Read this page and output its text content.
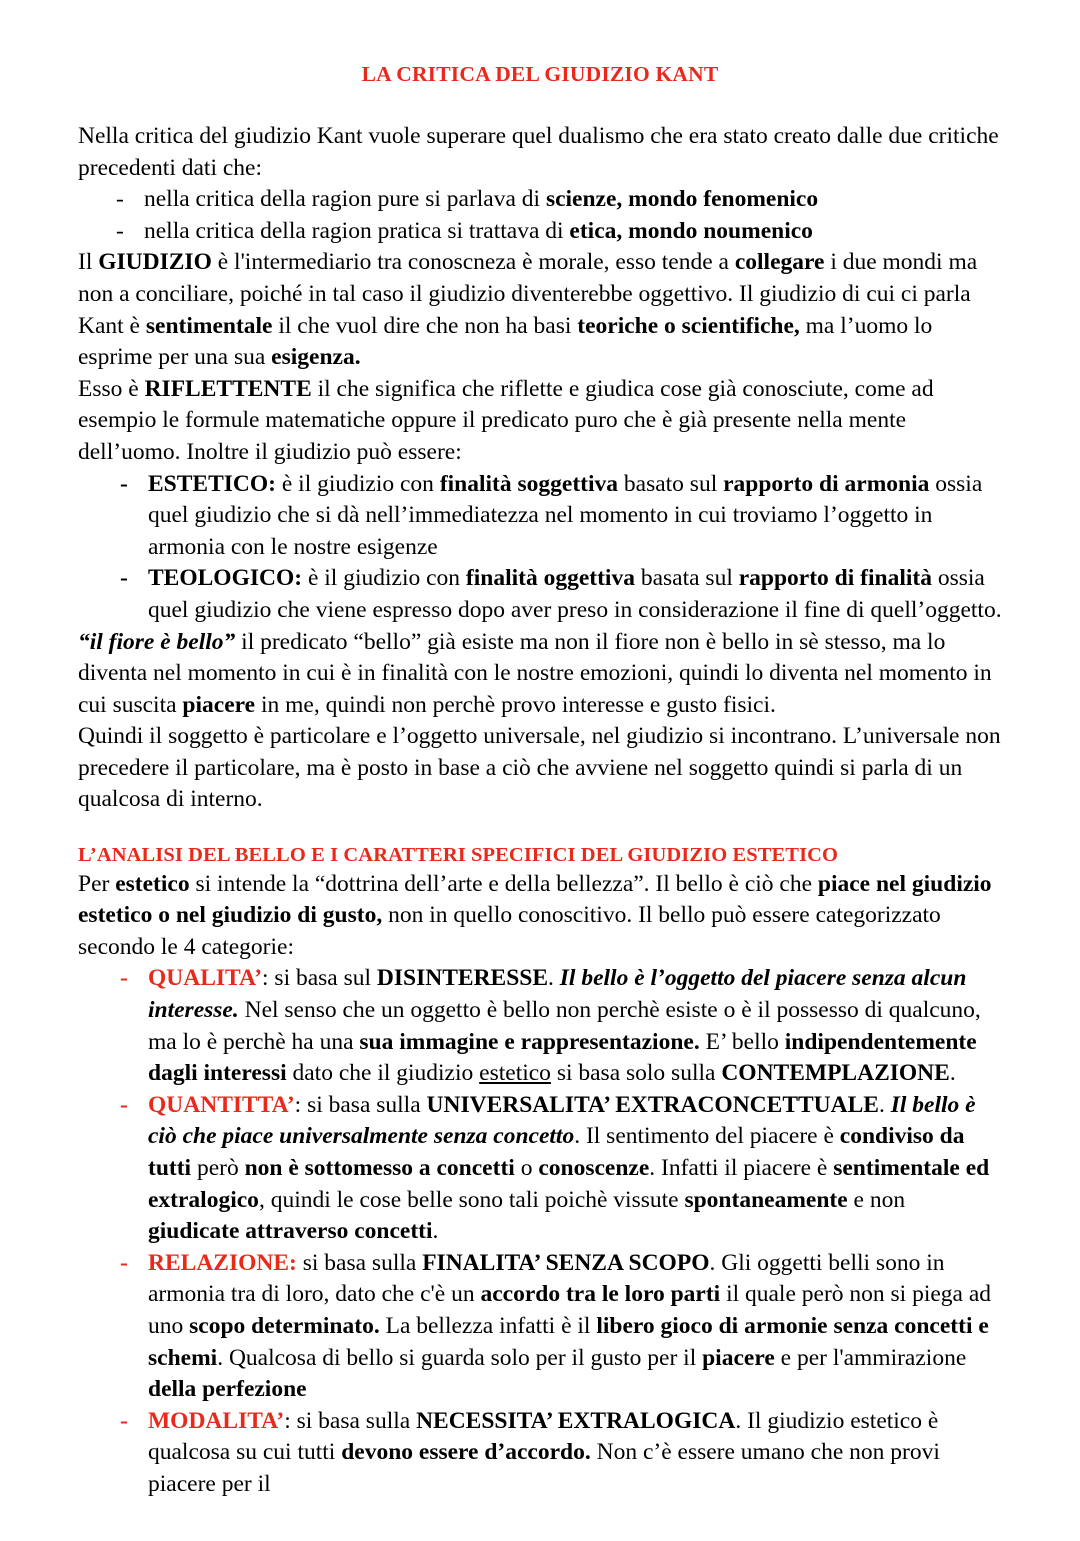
LA CRITICA DEL GIUDIZIO KANT

Nella critica del giudizio Kant vuole superare quel dualismo che era stato creato dalle due critiche precedenti dati che:

- nella critica della ragion pure si parlava di scienze, mondo fenomenico
- nella critica della ragion pratica si trattava di etica, mondo noumenico

Il GIUDIZIO è l'intermediario tra conoscneza è morale, esso tende a collegare i due mondi ma non a conciliare, poiché in tal caso il giudizio diventerebbe oggettivo. Il giudizio di cui ci parla Kant è sentimentale il che vuol dire che non ha basi teoriche o scientifiche, ma l’uomo lo esprime per una sua esigenza.

Esso è RIFLETTENTE il che significa che riflette e giudica cose già conosciute, come ad esempio le formule matematiche oppure il predicato puro che è già presente nella mente dell’uomo. Inoltre il giudizio può essere:

- ESTETICO: è il giudizio con finalità soggettiva basato sul rapporto di armonia ossia quel giudizio che si dà nell’immediatezza nel momento in cui troviamo l’oggetto in armonia con le nostre esigenze
- TEOLOGICO: è il giudizio con finalità oggettiva basata sul rapporto di finalità ossia quel giudizio che viene espresso dopo aver preso in considerazione il fine di quell’oggetto.

“il fiore è bello” il predicato “bello” già esiste ma non il fiore non è bello in sè stesso, ma lo diventa nel momento in cui è in finalità con le nostre emozioni, quindi lo diventa nel momento in cui suscita piacere in me, quindi non perchè provo interesse e gusto fisici.

Quindi il soggetto è particolare e l’oggetto universale, nel giudizio si incontrano. L’universale non precedere il particolare, ma è posto in base a ciò che avviene nel soggetto quindi si parla di un qualcosa di interno.

L’ANALISI DEL BELLO E I CARATTERI SPECIFICI DEL GIUDIZIO ESTETICO

Per estetico si intende la “dottrina dell’arte e della bellezza”. Il bello è ciò che piace nel giudizio estetico o nel giudizio di gusto, non in quello conoscitivo. Il bello può essere categorizzato secondo le 4 categorie:

- QUALITA’: si basa sul DISINTERESSE. Il bello è l’oggetto del piacere senza alcun interesse. Nel senso che un oggetto è bello non perchè esiste o è il possesso di qualcuno, ma lo è perchè ha una sua immagine e rappresentazione. E’ bello indipendentemente dagli interessi dato che il giudizio estetico si basa solo sulla CONTEMPLAZIONE.
- QUANTITTA’: si basa sulla UNIVERSALITA’ EXTRACONCETTUALE. Il bello è ciò che piace universalmente senza concetto. Il sentimento del piacere è condiviso da tutti però non è sottomesso a concetti o conoscenze. Infatti il piacere è sentimentale ed extralogico, quindi le cose belle sono tali poichè vissute spontaneamente e non giudicate attraverso concetti.
- RELAZIONE: si basa sulla FINALITA’ SENZA SCOPO. Gli oggetti belli sono in armonia tra di loro, dato che c'è un accordo tra le loro parti il quale però non si piega ad uno scopo determinato. La bellezza infatti è il libero gioco di armonie senza concetti e schemi. Qualcosa di bello si guarda solo per il gusto per il piacere e per l'ammirazione della perfezione
- MODALITA’: si basa sulla NECESSITA’ EXTRALOGICA. Il giudizio estetico è qualcosa su cui tutti devono essere d’accordo. Non c’è essere umano che non provi piacere per il
